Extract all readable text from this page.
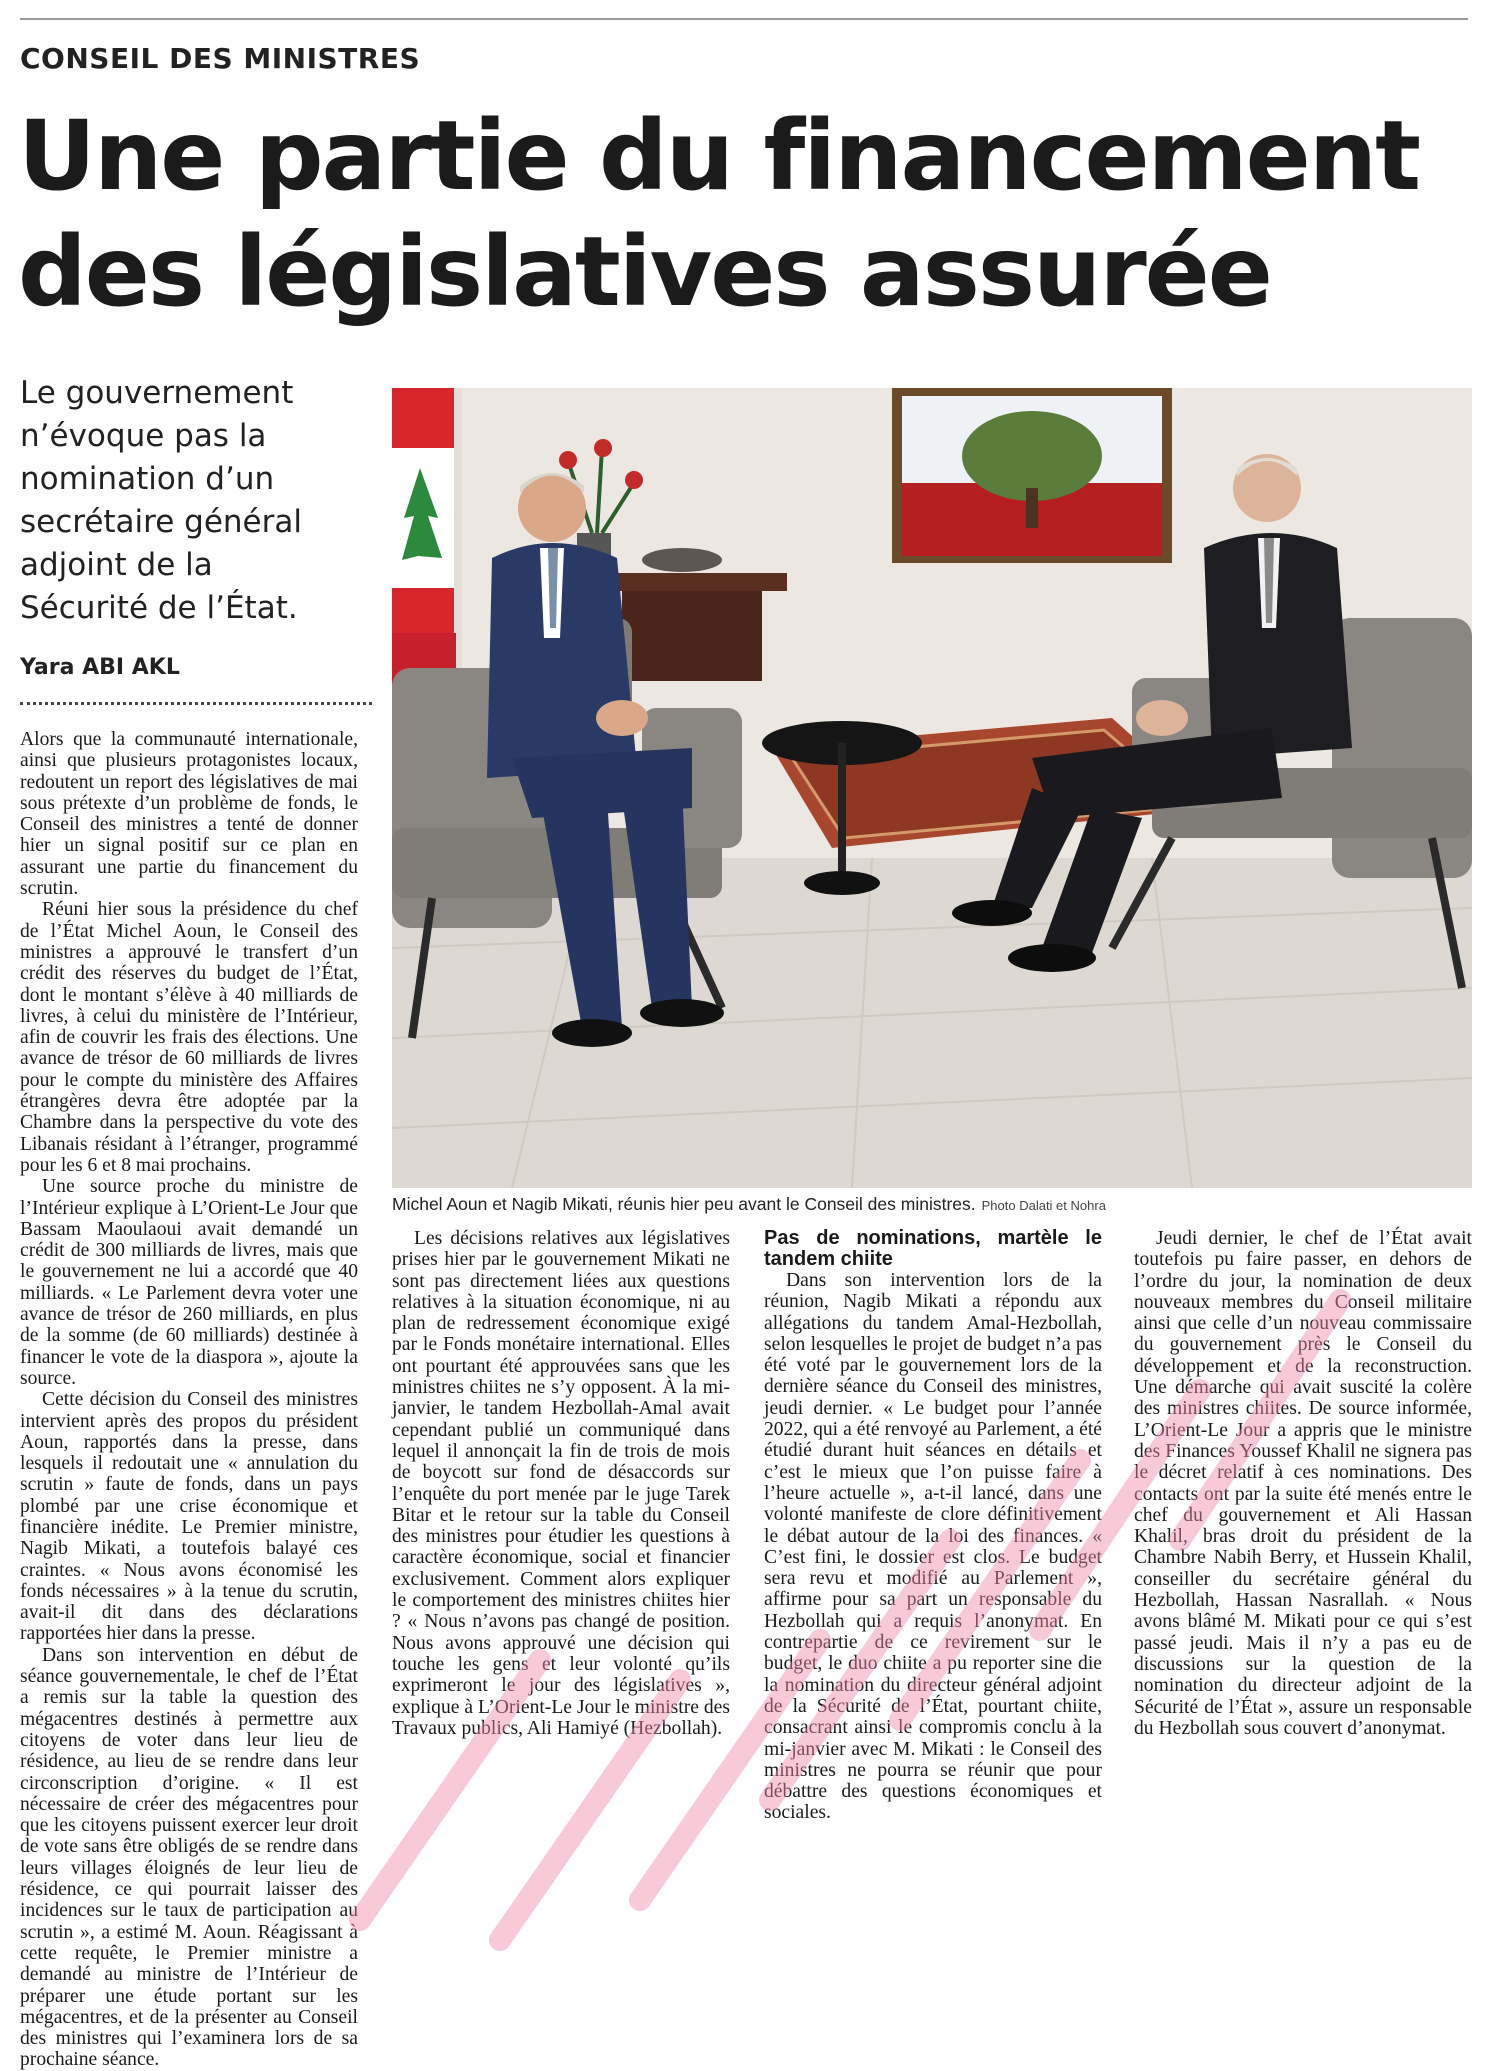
CONSEIL DES MINISTRES
Une partie du financement
des législatives assurée
Le gouvernement
n’évoque pas la
nomination d’un
secrétaire général
adjoint de la
Sécurité de l’État.
Yara ABI AKL
Michel Aoun et Nagib Mikati, réunis hier peu avant le Conseil des ministres. Photo Dalati et Nohra

Alors que la communauté internationale, ainsi que plusieurs protagonistes locaux, redoutent un report des législatives de mai sous prétexte d’un problème de fonds, le Conseil des ministres a tenté de donner hier un signal positif sur ce plan en assurant une partie du financement du scrutin.

Réuni hier sous la présidence du chef de l’État Michel Aoun, le Conseil des ministres a approuvé le transfert d’un crédit des réserves du budget de l’État, dont le montant s’élève à 40 milliards de livres, à celui du ministère de l’Intérieur, afin de couvrir les frais des élections. Une avance de trésor de 60 milliards de livres pour le compte du ministère des Affaires étrangères devra être adoptée par la Chambre dans la perspective du vote des Libanais résidant à l’étranger, programmé pour les 6 et 8 mai prochains.

Une source proche du ministre de l’Intérieur explique à L’Orient-Le Jour que Bassam Maoulaoui avait demandé un crédit de 300 milliards de livres, mais que le gouvernement ne lui a accordé que 40 milliards. « Le Parlement devra voter une avance de trésor de 260 milliards, en plus de la somme (de 60 milliards) destinée à financer le vote de la diaspora », ajoute la source.

Cette décision du Conseil des ministres intervient après des propos du président Aoun, rapportés dans la presse, dans lesquels il redoutait une « annulation du scrutin » faute de fonds, dans un pays plombé par une crise économique et financière inédite. Le Premier ministre, Nagib Mikati, a toutefois balayé ces craintes. « Nous avons économisé les fonds nécessaires » à la tenue du scrutin, avait-il dit dans des déclarations rapportées hier dans la presse.

Dans son intervention en début de séance gouvernementale, le chef de l’État a remis sur la table la question des mégacentres destinés à permettre aux citoyens de voter dans leur lieu de résidence, au lieu de se rendre dans leur circonscription d’origine. « Il est nécessaire de créer des mégacentres pour que les citoyens puissent exercer leur droit de vote sans être obligés de se rendre dans leurs villages éloignés de leur lieu de résidence, ce qui pourrait laisser des incidences sur le taux de participation au scrutin », a estimé M. Aoun. Réagissant à cette requête, le Premier ministre a demandé au ministre de l’Intérieur de préparer une étude portant sur les mégacentres, et de la présenter au Conseil des ministres qui l’examinera lors de sa prochaine séance.

Les décisions relatives aux législatives prises hier par le gouvernement Mikati ne sont pas directement liées aux questions relatives à la situation économique, ni au plan de redressement économique exigé par le Fonds monétaire international. Elles ont pourtant été approuvées sans que les ministres chiites ne s’y opposent. À la mi-janvier, le tandem Hezbollah-Amal avait cependant publié un communiqué dans lequel il annonçait la fin de trois de mois de boycott sur fond de désaccords sur l’enquête du port menée par le juge Tarek Bitar et le retour sur la table du Conseil des ministres pour étudier les questions à caractère économique, social et financier exclusivement. Comment alors expliquer le comportement des ministres chiites hier ? « Nous n’avons pas changé de position. Nous avons approuvé une décision qui touche les gens et leur volonté qu’ils exprimeront le jour des législatives », explique à L’Orient-Le Jour le ministre des Travaux publics, Ali Hamiyé (Hezbollah).

Pas de nominations, martèle le tandem chiite

Dans son intervention lors de la réunion, Nagib Mikati a répondu aux allégations du tandem Amal-Hezbollah, selon lesquelles le projet de budget n’a pas été voté par le gouvernement lors de la dernière séance du Conseil des ministres, jeudi dernier. « Le budget pour l’année 2022, qui a été renvoyé au Parlement, a été étudié durant huit séances en détails et c’est le mieux que l’on puisse faire à l’heure actuelle », a-t-il lancé, dans une volonté manifeste de clore définitivement le débat autour de la loi des finances. « C’est fini, le dossier est clos. Le budget sera revu et modifié au Parlement », affirme pour sa part un responsable du Hezbollah qui a requis l’anonymat. En contrepartie de ce revirement sur le budget, le duo chiite a pu reporter sine die la nomination du directeur général adjoint de la Sécurité de l’État, pourtant chiite, consacrant ainsi le compromis conclu à la mi-janvier avec M. Mikati : le Conseil des ministres ne pourra se réunir que pour débattre des questions économiques et sociales.

Jeudi dernier, le chef de l’État avait toutefois pu faire passer, en dehors de l’ordre du jour, la nomination de deux nouveaux membres du Conseil militaire ainsi que celle d’un nouveau commissaire du gouvernement près le Conseil du développement et de la reconstruction. Une démarche qui avait suscité la colère des ministres chiites. De source informée, L’Orient-Le Jour a appris que le ministre des Finances Youssef Khalil ne signera pas le décret relatif à ces nominations. Des contacts ont par la suite été menés entre le chef du gouvernement et Ali Hassan Khalil, bras droit du président de la Chambre Nabih Berry, et Hussein Khalil, conseiller du secrétaire général du Hezbollah, Hassan Nasrallah. « Nous avons blâmé M. Mikati pour ce qui s’est passé jeudi. Mais il n’y a pas eu de discussions sur la question de la nomination du directeur adjoint de la Sécurité de l’État », assure un responsable du Hezbollah sous couvert d’anonymat.
